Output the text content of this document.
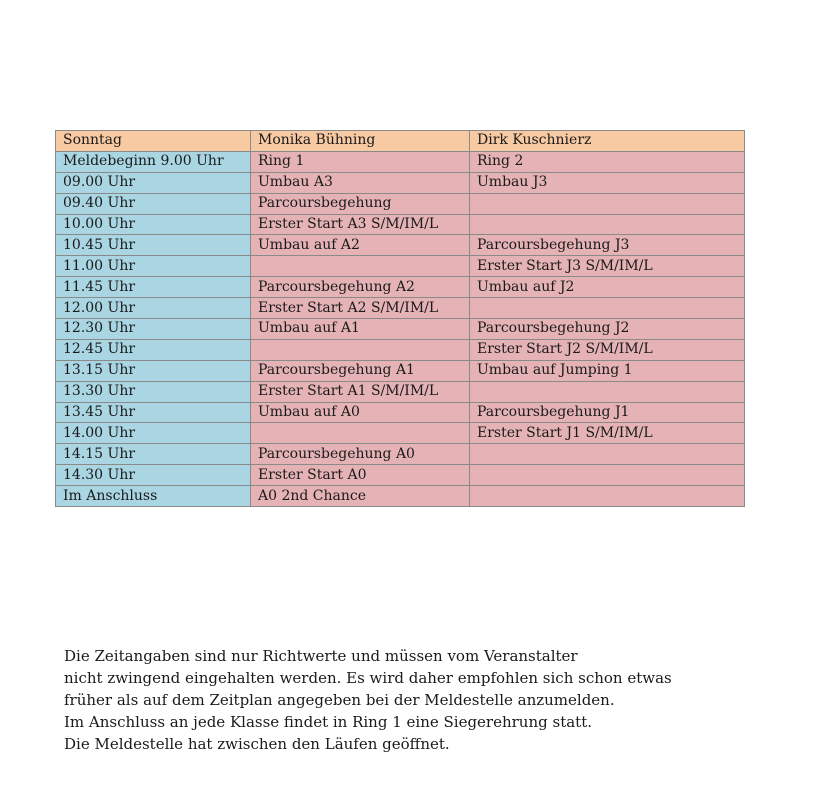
Sonntag	Monika Bühning	Dirk Kuschnierz
Meldebeginn 9.00 Uhr	Ring 1	Ring 2
09.00 Uhr	Umbau A3	Umbau J3
09.40 Uhr	Parcoursbegehung	
10.00 Uhr	Erster Start A3 S/M/IM/L	
10.45 Uhr	Umbau auf A2	Parcoursbegehung J3
11.00 Uhr		Erster Start J3 S/M/IM/L
11.45 Uhr	Parcoursbegehung A2	Umbau auf J2
12.00 Uhr	Erster Start A2 S/M/IM/L	
12.30 Uhr	Umbau auf A1	Parcoursbegehung J2
12.45 Uhr		Erster Start J2 S/M/IM/L
13.15 Uhr	Parcoursbegehung A1	Umbau auf Jumping 1
13.30 Uhr	Erster Start A1 S/M/IM/L	
13.45 Uhr	Umbau auf A0	Parcoursbegehung J1
14.00 Uhr		Erster Start J1 S/M/IM/L
14.15 Uhr	Parcoursbegehung A0	
14.30 Uhr	Erster Start A0	
Im Anschluss	A0 2nd Chance	

Die Zeitangaben sind nur Richtwerte und müssen vom Veranstalter

nicht zwingend eingehalten werden. Es wird daher empfohlen sich schon etwas

früher als auf dem Zeitplan angegeben bei der Meldestelle anzumelden.

Im Anschluss an jede Klasse findet in Ring 1 eine Siegerehrung statt.

Die Meldestelle hat zwischen den Läufen geöffnet.
